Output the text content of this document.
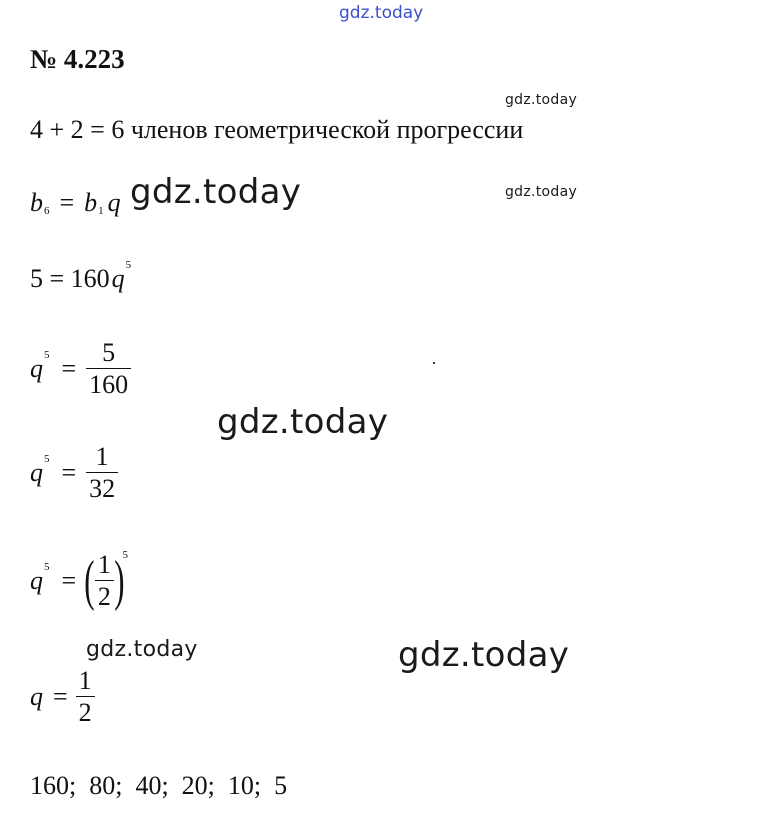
gdz.today
№ 4.223
gdz.today
4 + 2 = 6 членов геометрической прогрессии
b 6 = b 1 q gdz.today	gdz.today
5 = 160 q 5
q $5 = \frac{5}{160}$
gdz.today
q $5 = \frac{1}{32}$
q 5 = ( $\frac{1}{2}$ )
5
gdz.today	gdz.today
$q = \frac{1}{2}$
160;  80;  40;  20;  10;  5
